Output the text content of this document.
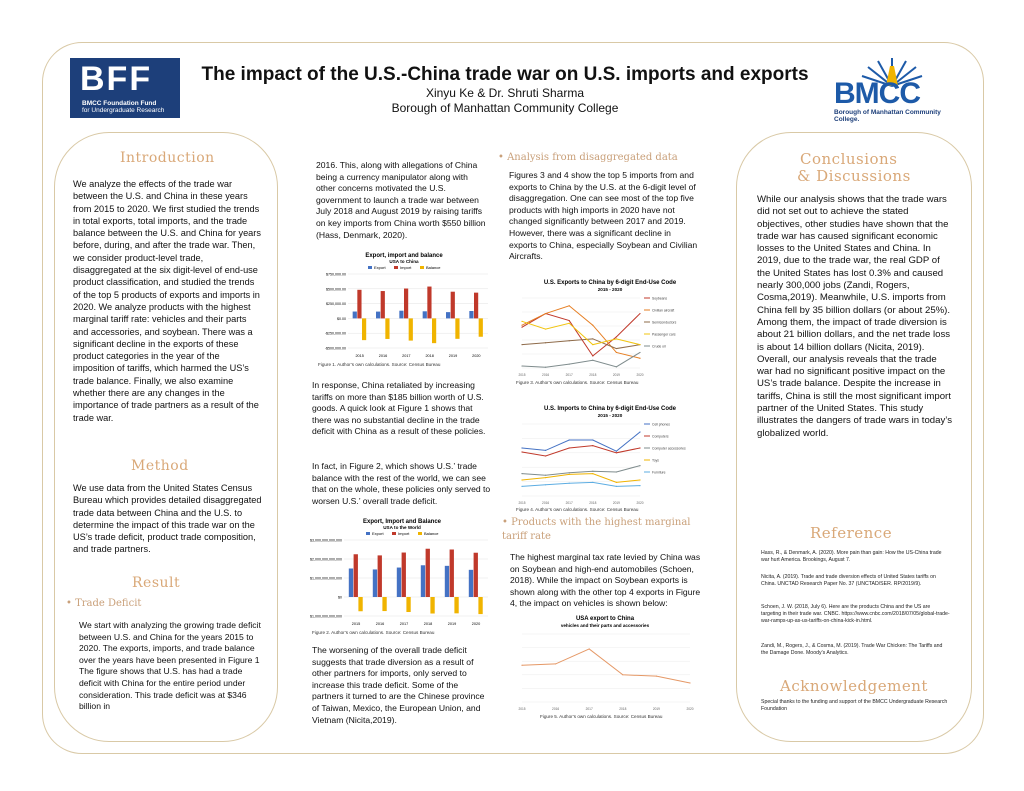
BFF
BMCC Foundation Fund
for Undergraduate Research
The impact of the U.S.-China trade war on U.S. imports and exports
Xinyu Ke & Dr. Shruti Sharma
Borough of Manhattan Community College	BMCC
Borough of Manhattan Community College.
Introduction
We analyze the effects of the trade war between the U.S. and China in these years from 2015 to 2020. We first studied the trends in total exports, total imports, and the trade balance between the U.S. and China for years before, during, and after the trade war. Then, we consider product-level trade, disaggregated at the six digit-level of end-use product classification, and studied the trends of the top 5 products of exports and imports in 2020. We analyze products with the highest marginal tariff rate: vehicles and their parts and accessories, and soybean. There was a significant decline in the exports of these product categories in the year of the imposition of tariffs, which harmed the US’s trade balance. Finally, we also examine whether there are any changes in the importance of trade partners as a result of the trade war.
Method
We use data from the United States Census Bureau which provides detailed disaggregated trade data between China and the U.S. to determine the impact of this trade war on the US’s trade deficit, product trade composition, and trade partners.
Result
• Trade Deficit
We start with analyzing the growing trade deficit between U.S. and China for the years 2015 to 2020. The exports, imports, and trade balance over the years have been presented in Figure 1 The figure shows that U.S. has had a trade deficit with China for the entire period under consideration. This trade deficit was at $346 billion in
2016. This, along with allegations of China being a currency manipulator along with other concerns motivated the U.S. government to launch a trade war between July 2018 and August 2019 by raising tariffs on key imports from China worth $550 billion (Hass, Denmark, 2020).
Export, import and balance
USA to China
Export	Import	Balance
$750,000.00
$500,000.00
$250,000.00
$0.00
-$250,000.00
-$500,000.00
2015	2016	2017	2018	2019	2020
Figure 1. Author’s own calculations. Source: Census Bureau
In response, China retaliated by increasing tariffs on more than $185 billion worth of U.S. goods. A quick look at Figure 1 shows that there was no substantial decline in the trade deficit with China as a result of these policies.
In fact, in Figure 2, which shows U.S.’ trade balance with the rest of the world, we can see that on the whole, these policies only served to worsen U.S.’ overall trade deficit.
Export, Import and Balance
USA to the World
Export	Import	Balance
$3,000,000,000,000
$2,000,000,000,000
$1,000,000,000,000
$0
-$1,000,000,000,000
2015	2016	2017	2018	2019	2020
Figure 2. Author’s own calculations. Source: Census Bureau
The worsening of the overall trade deficit suggests that trade diversion as a result of other partners for imports, only served to increase this trade deficit. Some of the partners it turned to are the Chinese province of Taiwan, Mexico, the European Union, and Vietnam (Nicita,2019).
• Analysis from disaggregated data
Figures 3 and 4 show the top 5 imports from and exports to China by the U.S. at the 6-digit level of disaggregation. One can see most of the top five products with high imports in 2020 have not changed significantly between 2017 and 2019. However, there was a significant decline in exports to China, especially Soybean and Civilian Aircrafts.
U.S. Exports to China by 6-digit End-Use Code
2015 - 2020
2015	2016	2017	2018	2019	2020
Soybeans
Civilian aircraft
Semiconductors
Passenger cars
Crude oil
Figure 3. Author’s own calculations. Source: Census Bureau
U.S. Imports to China by 6-digit End-Use Code
2015 - 2020
2015	2016	2017	2018	2019	2020
Cell phones
Computers
Computer accessories
Toys
Furniture
Figure 4. Author’s own calculations. Source: Census Bureau
• Products with the highest marginal tariff rate
The highest marginal tax rate levied by China was on Soybean and high-end automobiles (Schoen, 2018). While the impact on Soybean exports is shown along with the other top 4 exports in Figure 4, the impact on vehicles is shown below:
USA export to China
vehicles and their parts and accessories
2015	2016	2017	2018	2019	2020
Figure 5. Author’s own calculations. Source: Census Bureau
Conclusions
& Discussions
While our analysis shows that the trade wars did not set out to achieve the stated objectives, other studies have shown that the trade war has caused significant economic losses to the United States and China. In 2019, due to the trade war, the real GDP of the United States has lost 0.3% and caused nearly 300,000 jobs (Zandi, Rogers, Cosma,2019). Meanwhile, U.S. imports from China fell by 35 billion dollars (or about 25%). Among them, the impact of trade diversion is about 21 billion dollars, and the net trade loss is about 14 billion dollars (Nicita, 2019). Overall, our analysis reveals that the trade war had no significant positive impact on the US’s trade balance. Despite the increase in tariffs, China is still the most significant import partner of the United States. This study illustrates the dangers of trade wars in today’s globalized world.
Reference
Hass, R., & Denmark, A. (2020). More pain than gain: How the US-China trade war hurt America. Brookings, August 7.
Nicita, A. (2019). Trade and trade diversion effects of United States tariffs on China. UNCTAD Research Paper No. 37 (UNCTAD/SER. RP/2019/9).
Schoen, J. W. (2018, July 6). Here are the products China and the US are targeting in their trade war. CNBC. https://www.cnbc.com/2018/07/05/global-trade-war-ramps-up-as-us-tariffs-on-china-kick-in.html.
Zandi, M., Rogers, J., & Cosma, M. (2019). Trade War Chicken: The Tariffs and the Damage Done. Moody’s Analytics.
Acknowledgement
Special thanks to the funding and support of the BMCC Undergraduate Research Foundation
